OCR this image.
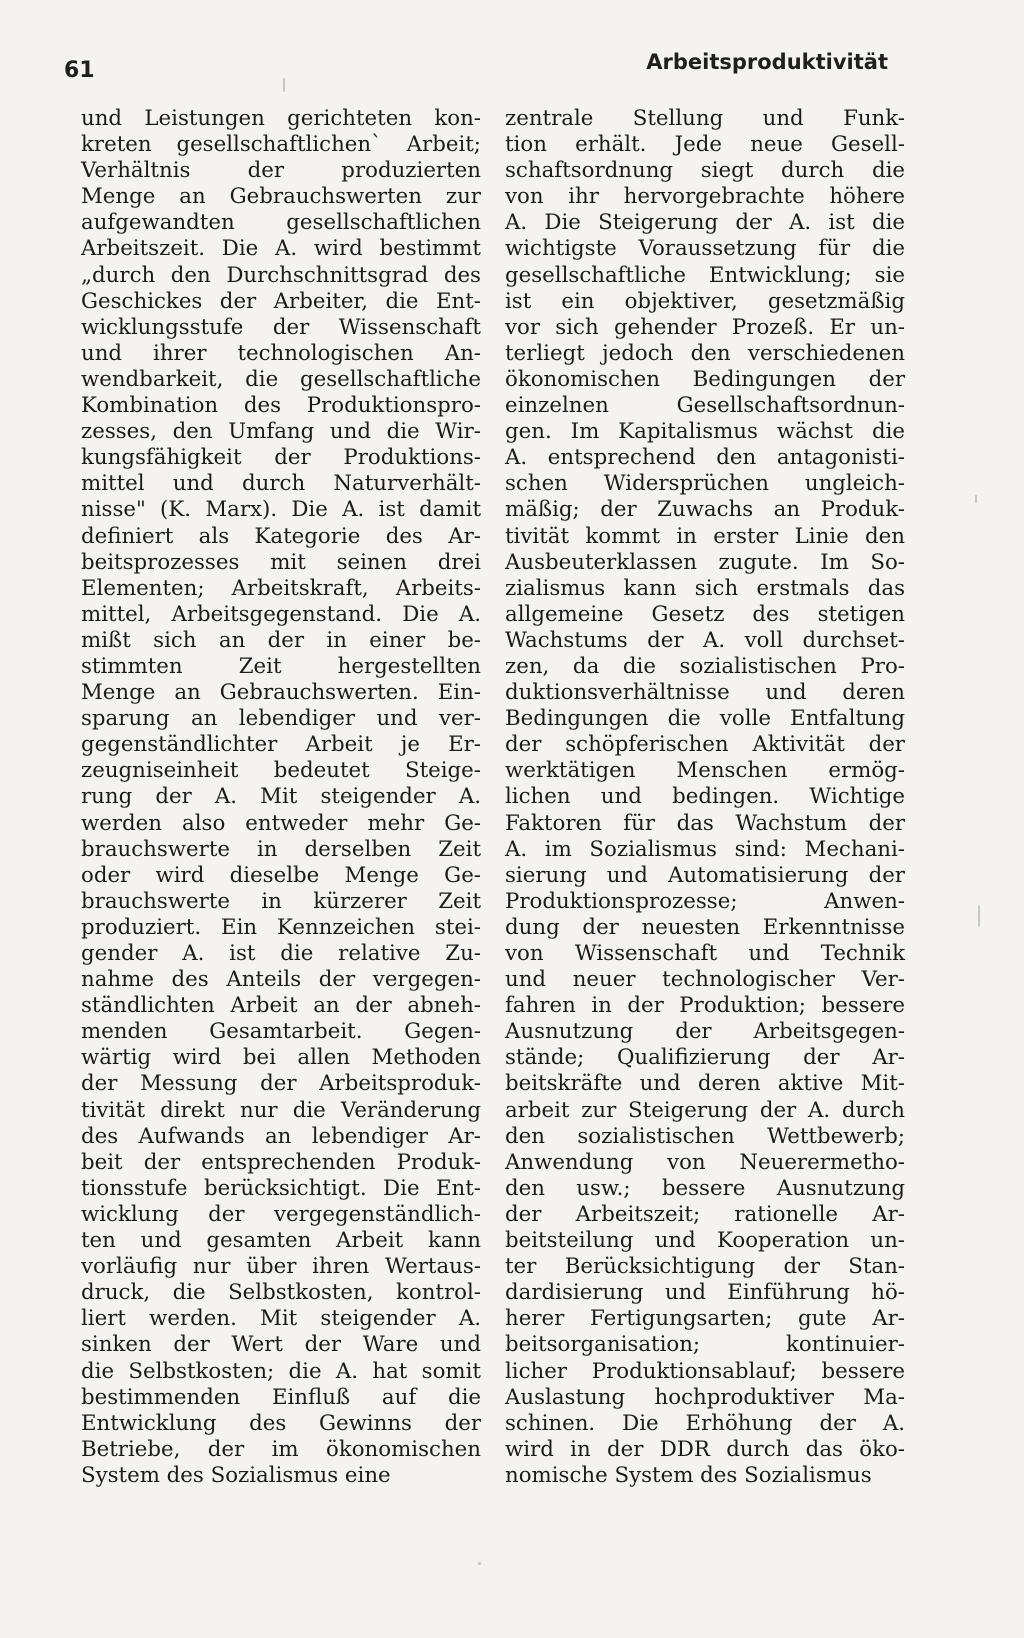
61	Arbeitsproduktivität
und Leistungen gerichteten kon-
kreten gesellschaftlichen` Arbeit;
Verhältnis der produzierten
Menge an Gebrauchswerten zur
aufgewandten gesellschaftlichen
Arbeitszeit. Die A. wird bestimmt
„durch den Durchschnittsgrad des
Geschickes der Arbeiter, die Ent-
wicklungsstufe der Wissenschaft
und ihrer technologischen An-
wendbarkeit, die gesellschaftliche
Kombination des Produktionspro-
zesses, den Umfang und die Wir-
kungsfähigkeit der Produktions-
mittel und durch Naturverhält-
nisse" (K. Marx). Die A. ist damit
definiert als Kategorie des Ar-
beitsprozesses mit seinen drei
Elementen; Arbeitskraft, Arbeits-
mittel, Arbeitsgegenstand. Die A.
mißt sich an der in einer be-
stimmten Zeit hergestellten
Menge an Gebrauchswerten. Ein-
sparung an lebendiger und ver-
gegenständlichter Arbeit je Er-
zeugniseinheit bedeutet Steige-
rung der A. Mit steigender A.
werden also entweder mehr Ge-
brauchswerte in derselben Zeit
oder wird dieselbe Menge Ge-
brauchswerte in kürzerer Zeit
produziert. Ein Kennzeichen stei-
gender A. ist die relative Zu-
nahme des Anteils der vergegen-
ständlichten Arbeit an der abneh-
menden Gesamtarbeit. Gegen-
wärtig wird bei allen Methoden
der Messung der Arbeitsproduk-
tivität direkt nur die Veränderung
des Aufwands an lebendiger Ar-
beit der entsprechenden Produk-
tionsstufe berücksichtigt. Die Ent-
wicklung der vergegenständlich-
ten und gesamten Arbeit kann
vorläufig nur über ihren Wertaus-
druck, die Selbstkosten, kontrol-
liert werden. Mit steigender A.
sinken der Wert der Ware und
die Selbstkosten; die A. hat somit
bestimmenden Einfluß auf die
Entwicklung des Gewinns der
Betriebe, der im ökonomischen
System des Sozialismus eine
zentrale Stellung und Funk-
tion erhält. Jede neue Gesell-
schaftsordnung siegt durch die
von ihr hervorgebrachte höhere
A. Die Steigerung der A. ist die
wichtigste Voraussetzung für die
gesellschaftliche Entwicklung; sie
ist ein objektiver, gesetzmäßig
vor sich gehender Prozeß. Er un-
terliegt jedoch den verschiedenen
ökonomischen Bedingungen der
einzelnen Gesellschaftsordnun-
gen. Im Kapitalismus wächst die
A. entsprechend den antagonisti-
schen Widersprüchen ungleich-
mäßig; der Zuwachs an Produk-
tivität kommt in erster Linie den
Ausbeuterklassen zugute. Im So-
zialismus kann sich erstmals das
allgemeine Gesetz des stetigen
Wachstums der A. voll durchset-
zen, da die sozialistischen Pro-
duktionsverhältnisse und deren
Bedingungen die volle Entfaltung
der schöpferischen Aktivität der
werktätigen Menschen ermög-
lichen und bedingen. Wichtige
Faktoren für das Wachstum der
A. im Sozialismus sind: Mechani-
sierung und Automatisierung der
Produktionsprozesse; Anwen-
dung der neuesten Erkenntnisse
von Wissenschaft und Technik
und neuer technologischer Ver-
fahren in der Produktion; bessere
Ausnutzung der Arbeitsgegen-
stände; Qualifizierung der Ar-
beitskräfte und deren aktive Mit-
arbeit zur Steigerung der A. durch
den sozialistischen Wettbewerb;
Anwendung von Neuerermetho-
den usw.; bessere Ausnutzung
der Arbeitszeit; rationelle Ar-
beitsteilung und Kooperation un-
ter Berücksichtigung der Stan-
dardisierung und Einführung hö-
herer Fertigungsarten; gute Ar-
beitsorganisation; kontinuier-
licher Produktionsablauf; bessere
Auslastung hochproduktiver Ma-
schinen. Die Erhöhung der A.
wird in der DDR durch das öko-
nomische System des Sozialismus
